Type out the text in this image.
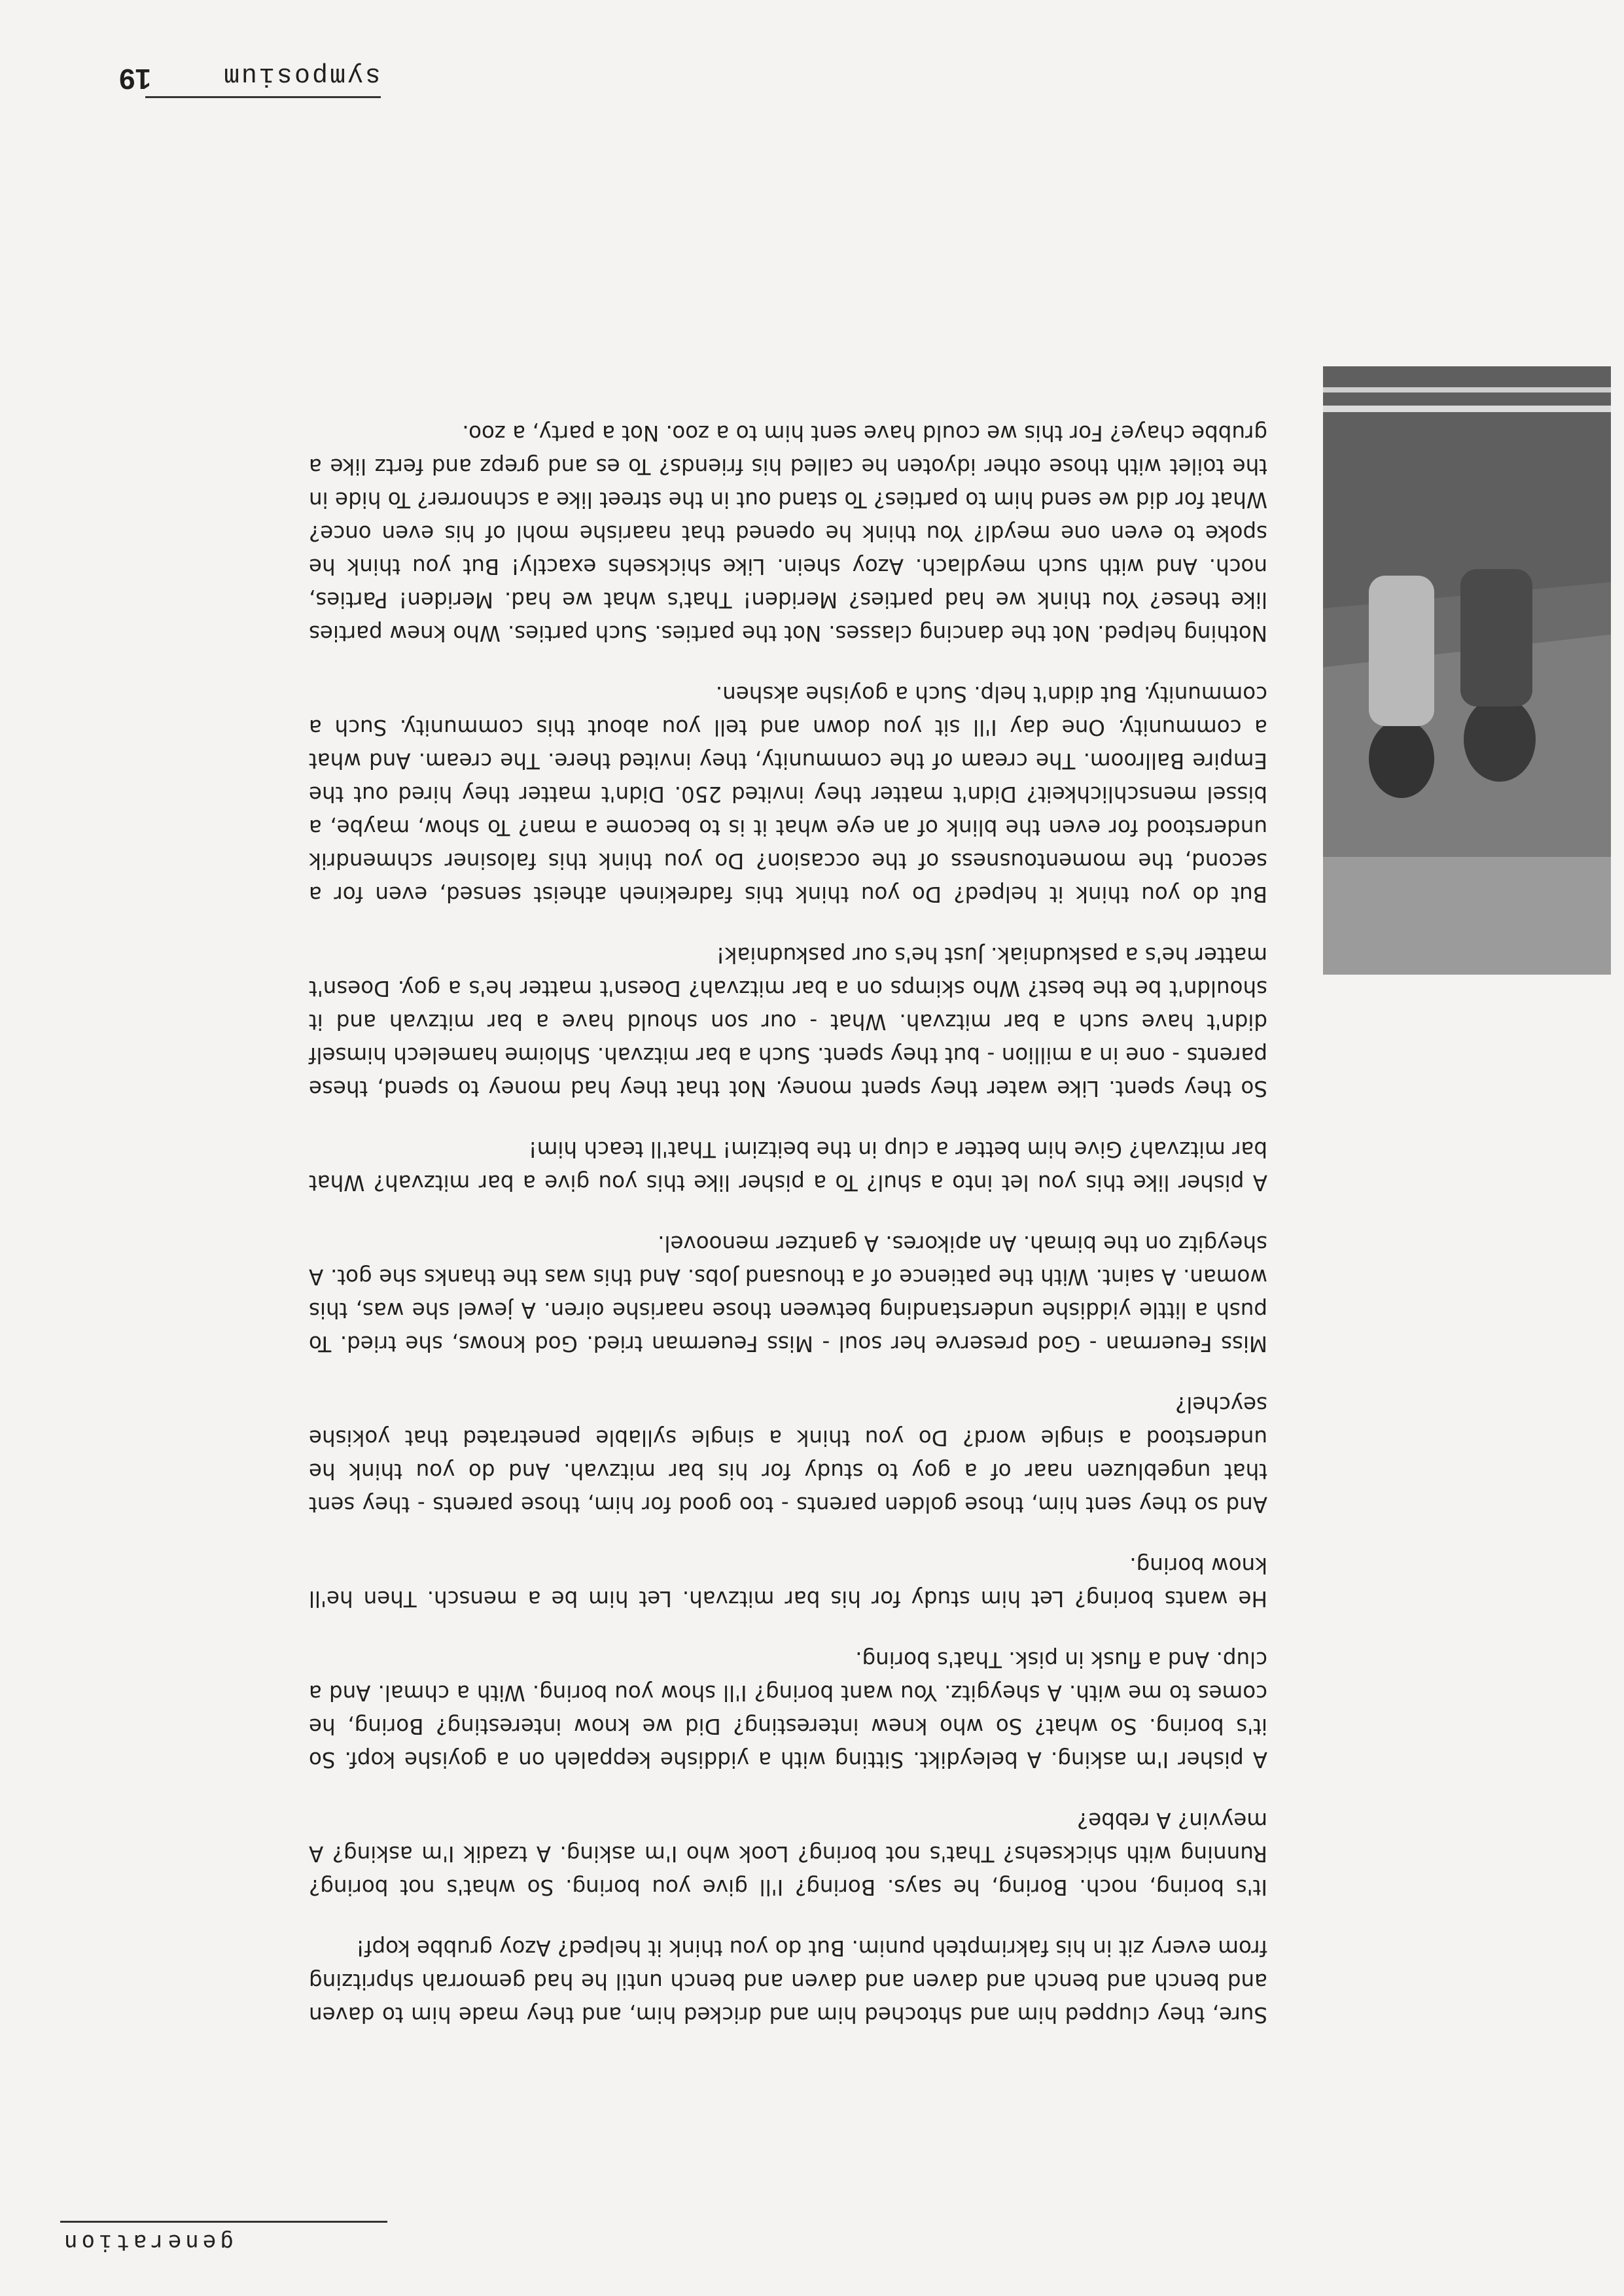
generation

Sure, they clupped him and shtoched him and dricked him, and they made him to daven and bench and bench and daven and daven and bench until he had gemorrah shpritzing from every zit in his fakrimpteh punim. But do you think it helped? Azoy grubbe kopf!

It's boring, noch. Boring, he says. Boring? I'll give you boring. So what's not boring? Running with shicksehs? That's not boring? Look who I'm asking. A tzadik I'm asking? A meyvin? A rebbe?

A pisher I'm asking. A beleydikt. Sitting with a yiddishe keppaleh on a goyishe kopf. So it's boring. So what? So who knew interesting? Did we know interesting? Boring, he comes to me with. A sheygitz. You want boring? I'll show you boring. With a chmal. And a clup. And a flusk in pisk. That's boring.

He wants boring? Let him study for his bar mitzvah. Let him be a mensch. Then he'll know boring.

And so they sent him, those golden parents - too good for him, those parents - they sent that ungebluzen naar of a goy to study for his bar mitzvah. And do you think he understood a single word? Do you think a single syllable penetrated that yokishe seychel?

Miss Feuerman - God preserve her soul - Miss Feuerman tried. God knows, she tried. To push a little yiddishe understanding between those naarishe oiren. A jewel she was, this woman. A saint. With the patience of a thousand Jobs. And this was the thanks she got. A sheygitz on the bimah. An apikores. A gantzer menoovel.

A pisher like this you let into a shul? To a pisher like this you give a bar mitzvah? What bar mitzvah? Give him better a clup in the beitzim! That'll teach him!

So they spent. Like water they spent money. Not that they had money to spend, these parents - one in a million - but they spent. Such a bar mitzvah. Shloime hamelech himself didn't have such a bar mitzvah. What - our son should have a bar mitzvah and it shouldn't be the best? Who skimps on a bar mitzvah? Doesn't matter he's a goy. Doesn't matter he's a paskudniak. Just he's our paskudniak!

But do you think it helped? Do you think this fadrekineh atheist sensed, even for a second, the momentousness of the occasion? Do you think this falosiner schmendrik understood for even the blink of an eye what it is to become a man? To show, maybe, a bissel menschlichkeit? Didn't matter they invited 250. Didn't matter they hired out the Empire Ballroom. The cream of the community, they invited there. The cream. And what a community. One day I'll sit you down and tell you about this community. Such a community. But didn't help. Such a goyishe akshen.

Nothing helped. Not the dancing classes. Not the parties. Such parties. Who knew parties like these? You think we had parties? Meriden! That's what we had. Meriden! Parties, noch. And with such meydlach. Azoy shein. Like shicksehs exactly! But you think he spoke to even one meydl? You think he opened that naarishe mohl of his even once? What for did we send him to parties? To stand out in the street like a schnorrer? To hide in the toilet with those other idyoten he called his friends? To es and grepz and fertz like a grubbe chaye? For this we could have sent him to a zoo. Not a party, a zoo.

symposium
19
